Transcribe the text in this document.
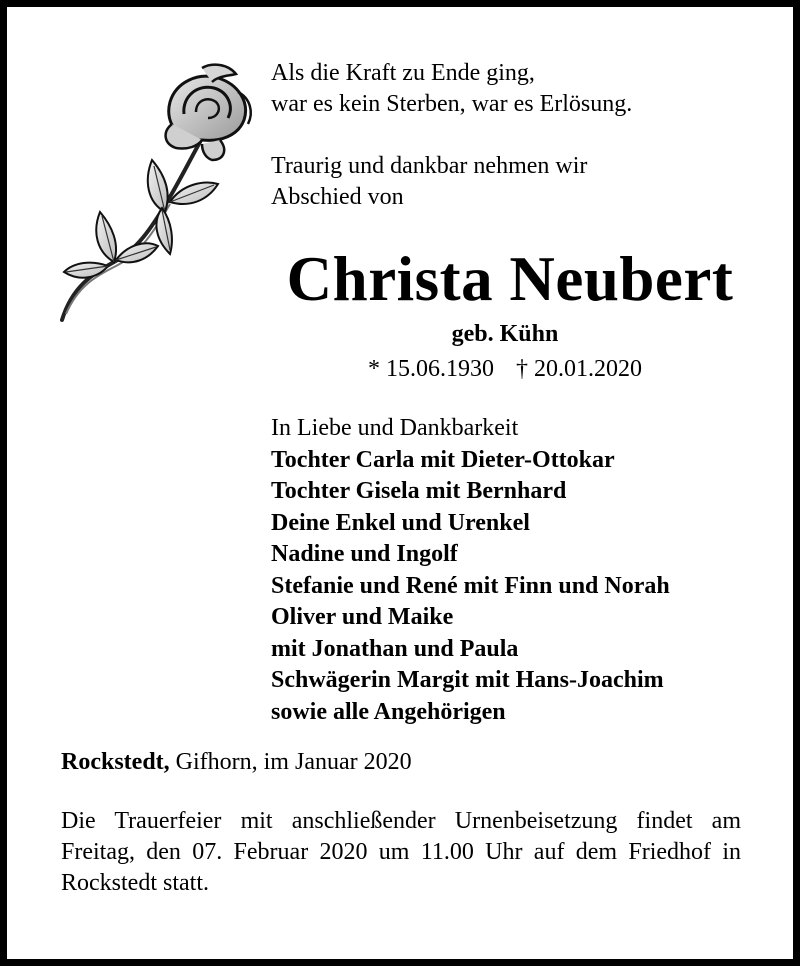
Als die Kraft zu Ende ging,
war es kein Sterben, war es Erlösung.
Traurig und dankbar nehmen wir
Abschied von
Christa Neubert
geb. Kühn
* 15.06.1930 † 20.01.2020
In Liebe und Dankbarkeit
Tochter Carla mit Dieter-Ottokar
Tochter Gisela mit Bernhard
Deine Enkel und Urenkel
Nadine und Ingolf
Stefanie und René mit Finn und Norah
Oliver und Maike
mit Jonathan und Paula
Schwägerin Margit mit Hans-Joachim
sowie alle Angehörigen
Rockstedt, Gifhorn, im Januar 2020
Die Trauerfeier mit anschließender Urnenbeisetzung findet am Freitag, den 07. Februar 2020 um 11.00 Uhr auf dem Friedhof in Rockstedt statt.
